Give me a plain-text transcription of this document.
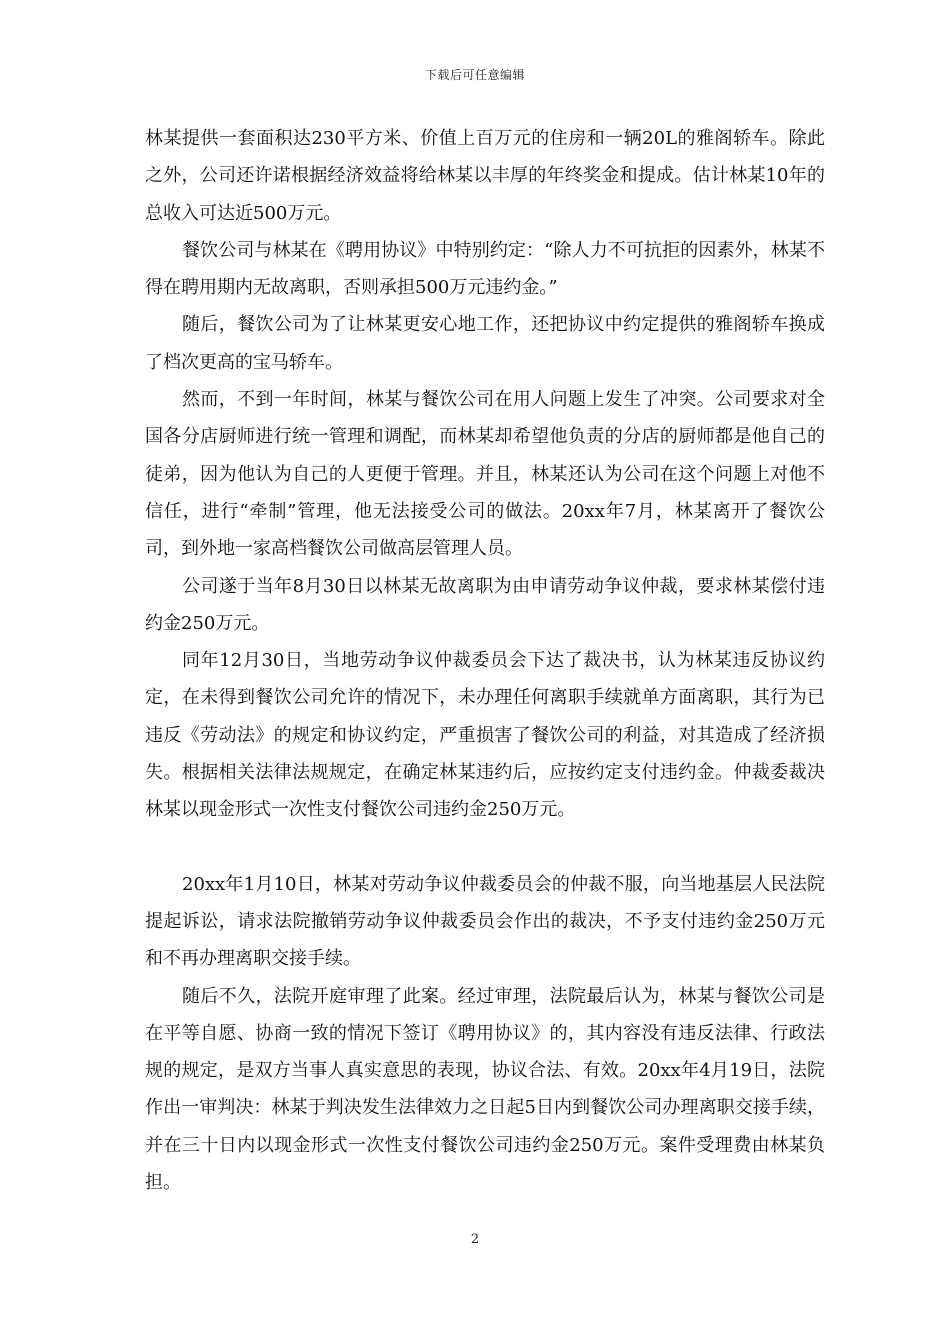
下载后可任意编辑

林某提供一套面积达230平方米、价值上百万元的住房和一辆20L的雅阁轿车。除此之外，公司还许诺根据经济效益将给林某以丰厚的年终奖金和提成。估计林某10年的总收入可达近500万元。

餐饮公司与林某在《聘用协议》中特别约定：“除人力不可抗拒的因素外，林某不得在聘用期内无故离职，否则承担500万元违约金。”

随后，餐饮公司为了让林某更安心地工作，还把协议中约定提供的雅阁轿车换成了档次更高的宝马轿车。

然而，不到一年时间，林某与餐饮公司在用人问题上发生了冲突。公司要求对全国各分店厨师进行统一管理和调配，而林某却希望他负责的分店的厨师都是他自己的徒弟，因为他认为自己的人更便于管理。并且，林某还认为公司在这个问题上对他不信任，进行“牵制”管理，他无法接受公司的做法。20xx年7月，林某离开了餐饮公司，到外地一家高档餐饮公司做高层管理人员。

公司遂于当年8月30日以林某无故离职为由申请劳动争议仲裁，要求林某偿付违约金250万元。

同年12月30日，当地劳动争议仲裁委员会下达了裁决书，认为林某违反协议约定，在未得到餐饮公司允许的情况下，未办理任何离职手续就单方面离职，其行为已违反《劳动法》的规定和协议约定，严重损害了餐饮公司的利益，对其造成了经济损失。根据相关法律法规规定，在确定林某违约后，应按约定支付违约金。仲裁委裁决林某以现金形式一次性支付餐饮公司违约金250万元。

20xx年1月10日，林某对劳动争议仲裁委员会的仲裁不服，向当地基层人民法院提起诉讼，请求法院撤销劳动争议仲裁委员会作出的裁决，不予支付违约金250万元和不再办理离职交接手续。

随后不久，法院开庭审理了此案。经过审理，法院最后认为，林某与餐饮公司是在平等自愿、协商一致的情况下签订《聘用协议》的，其内容没有违反法律、行政法规的规定，是双方当事人真实意思的表现，协议合法、有效。20xx年4月19日，法院作出一审判决：林某于判决发生法律效力之日起5日内到餐饮公司办理离职交接手续，并在三十日内以现金形式一次性支付餐饮公司违约金250万元。案件受理费由林某负担。

2
